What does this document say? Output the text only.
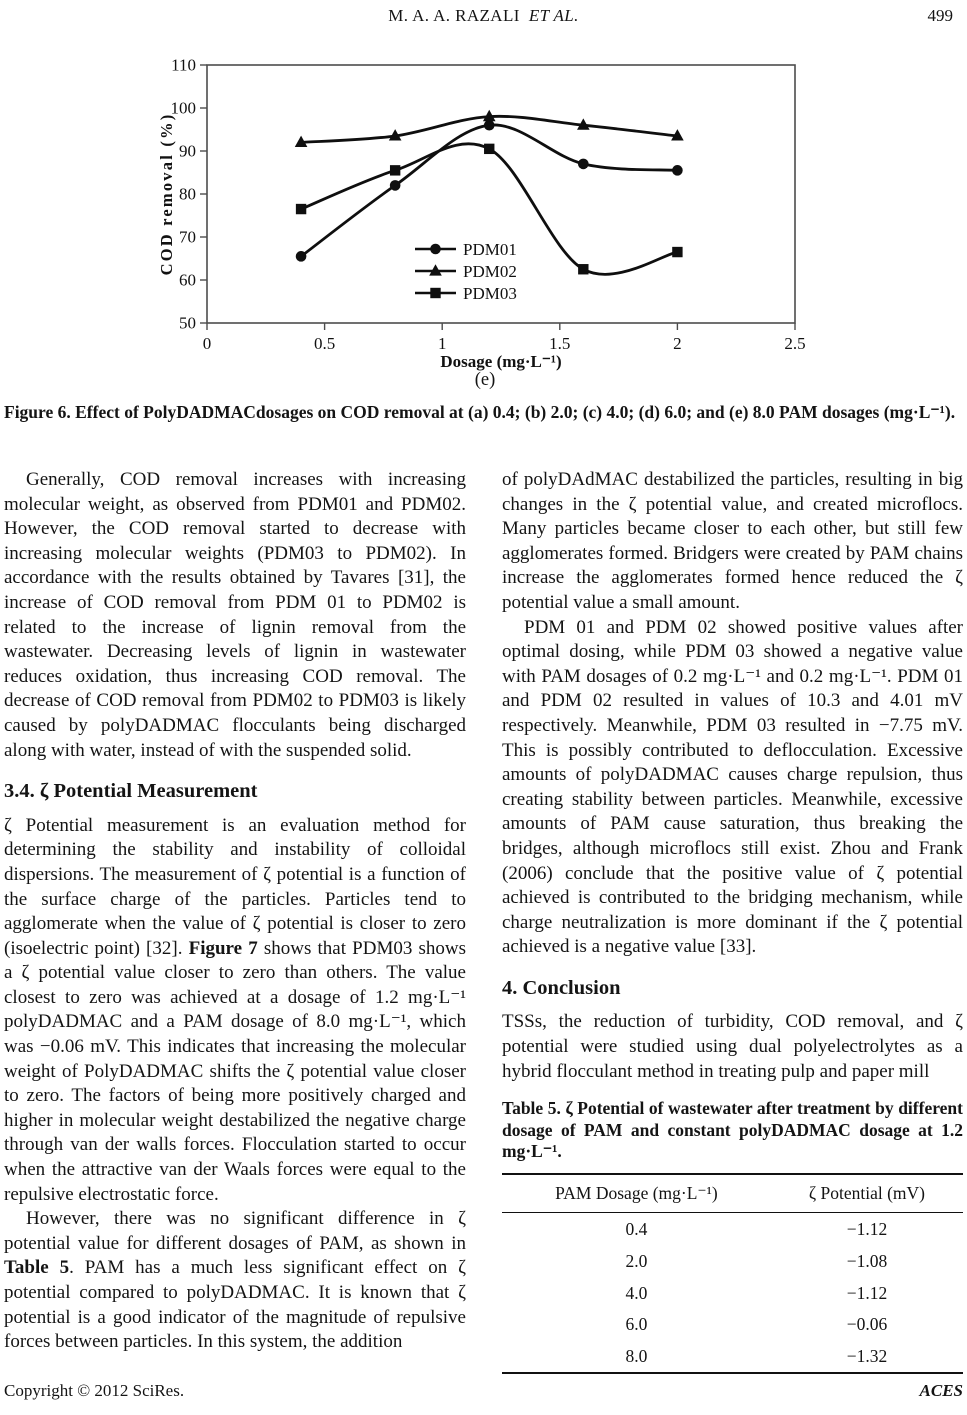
M. A. A. RAZALI ET AL.	499
50
60
70
80
90
100
110
0	0.5	1	1.5	2	2.5
COD removal (%)
Dosage (mg·L⁻¹)
PDM01
PDM02
PDM03
(e)
Figure 6. Effect of PolyDADMACdosages on COD removal at (a) 0.4; (b) 2.0; (c) 4.0; (d) 6.0; and (e) 8.0 PAM dosages (mg·L⁻¹).

Generally, COD removal increases with increasing molecular weight, as observed from PDM01 and PDM02. However, the COD removal started to decrease with increasing molecular weights (PDM03 to PDM02). In accordance with the results obtained by Tavares [31], the increase of COD removal from PDM 01 to PDM02 is related to the increase of lignin removal from the wastewater. Decreasing levels of lignin in wastewater reduces oxidation, thus increasing COD removal. The decrease of COD removal from PDM02 to PDM03 is likely caused by polyDADMAC flocculants being discharged along with water, instead of with the suspended solid.

3.4. ζ Potential Measurement

ζ Potential measurement is an evaluation method for determining the stability and instability of colloidal dispersions. The measurement of ζ potential is a function of the surface charge of the particles. Particles tend to agglomerate when the value of ζ potential is closer to zero (isoelectric point) [32]. Figure 7 shows that PDM03 shows a ζ potential value closer to zero than others. The value closest to zero was achieved at a dosage of 1.2 mg·L⁻¹ polyDADMAC and a PAM dosage of 8.0 mg·L⁻¹, which was −0.06 mV. This indicates that increasing the molecular weight of PolyDADMAC shifts the ζ potential value closer to zero. The factors of being more positively charged and higher in molecular weight destabilized the negative charge through van der walls forces. Flocculation started to occur when the attractive van der Waals forces were equal to the repulsive electrostatic force.

However, there was no significant difference in ζ potential value for different dosages of PAM, as shown in Table 5. PAM has a much less significant effect on ζ potential compared to polyDADMAC. It is known that ζ potential is a good indicator of the magnitude of repulsive forces between particles. In this system, the addition

of polyDAdMAC destabilized the particles, resulting in big changes in the ζ potential value, and created microflocs. Many particles became closer to each other, but still few agglomerates formed. Bridgers were created by PAM chains increase the agglomerates formed hence reduced the ζ potential value a small amount.

PDM 01 and PDM 02 showed positive values after optimal dosing, while PDM 03 showed a negative value with PAM dosages of 0.2 mg·L⁻¹ and 0.2 mg·L⁻¹. PDM 01 and PDM 02 resulted in values of 10.3 and 4.01 mV respectively. Meanwhile, PDM 03 resulted in −7.75 mV. This is possibly contributed to deflocculation. Excessive amounts of polyDADMAC causes charge repulsion, thus creating stability between particles. Meanwhile, excessive amounts of PAM cause saturation, thus breaking the bridges, although microflocs still exist. Zhou and Frank (2006) conclude that the positive value of ζ potential achieved is contributed to the bridging mechanism, while charge neutralization is more dominant if the ζ potential achieved is a negative value [33].

4. Conclusion

TSSs, the reduction of turbidity, COD removal, and ζ potential were studied using dual polyelectrolytes as a hybrid flocculant method in treating pulp and paper mill

Table 5. ζ Potential of wastewater after treatment by different dosage of PAM and constant polyDADMAC dosage at 1.2 mg·L⁻¹.

PAM Dosage (mg·L⁻¹)	ζ Potential (mV)
0.4	−1.12
2.0	−1.08
4.0	−1.12
6.0	−0.06
8.0	−1.32
Copyright © 2012 SciRes.	ACES
